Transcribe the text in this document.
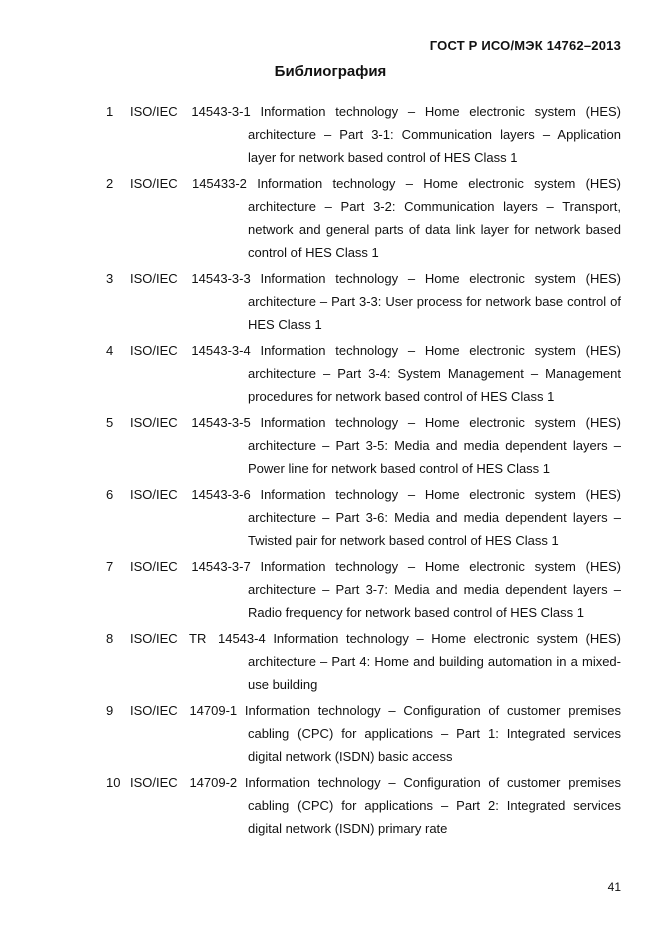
ГОСТ Р ИСО/МЭК 14762–2013
Библиография
1 ISO/IEC 14543-3-1 Information technology – Home electronic system (HES) architecture – Part 3-1: Communication layers – Application layer for network based control of HES Class 1
2 ISO/IEC 145433-2 Information technology – Home electronic system (HES) architecture – Part 3-2: Communication layers – Transport, network and general parts of data link layer for network based control of HES Class 1
3 ISO/IEC 14543-3-3 Information technology – Home electronic system (HES) architecture – Part 3-3: User process for network base control of HES Class 1
4 ISO/IEC 14543-3-4 Information technology – Home electronic system (HES) architecture – Part 3-4: System Management – Management procedures for network based control of HES Class 1
5 ISO/IEC 14543-3-5 Information technology – Home electronic system (HES) architecture – Part 3-5: Media and media dependent layers – Power line for network based control of HES Class 1
6 ISO/IEC 14543-3-6 Information technology – Home electronic system (HES) architecture – Part 3-6: Media and media dependent layers – Twisted pair for network based control of HES Class 1
7 ISO/IEC 14543-3-7 Information technology – Home electronic system (HES) architecture – Part 3-7: Media and media dependent layers – Radio frequency for network based control of HES Class 1
8 ISO/IEC TR 14543-4 Information technology – Home electronic system (HES) architecture – Part 4: Home and building automation in a mixed-use building
9 ISO/IEC 14709-1 Information technology – Configuration of customer premises cabling (CPC) for applications – Part 1: Integrated services digital network (ISDN) basic access
10 ISO/IEC 14709-2 Information technology – Configuration of customer premises cabling (CPC) for applications – Part 2: Integrated services digital network (ISDN) primary rate
41
